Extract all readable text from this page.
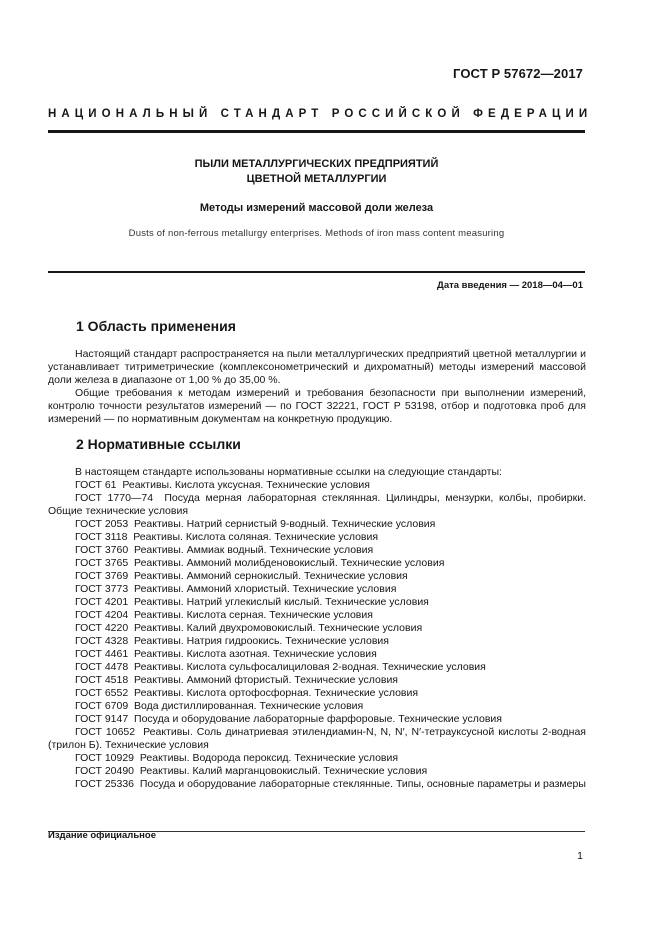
ГОСТ Р 57672—2017
НАЦИОНАЛЬНЫЙ СТАНДАРТ РОССИЙСКОЙ ФЕДЕРАЦИИ
ПЫЛИ МЕТАЛЛУРГИЧЕСКИХ ПРЕДПРИЯТИЙ
ЦВЕТНОЙ МЕТАЛЛУРГИИ
Методы измерений массовой доли железа
Dusts of non-ferrous metallurgy enterprises. Methods of iron mass content measuring
Дата введения — 2018—04—01
1 Область применения
Настоящий стандарт распространяется на пыли металлургических предприятий цветной металлургии и устанавливает титриметрические (комплексонометрический и дихроматный) методы измерений массовой доли железа в диапазоне от 1,00 % до 35,00 %.
Общие требования к методам измерений и требования безопасности при выполнении измерений, контролю точности результатов измерений — по ГОСТ 32221, ГОСТ Р 53198, отбор и подготовка проб для измерений — по нормативным документам на конкретную продукцию.
2 Нормативные ссылки
В настоящем стандарте использованы нормативные ссылки на следующие стандарты:
ГОСТ 61 Реактивы. Кислота уксусная. Технические условия
ГОСТ 1770—74 Посуда мерная лабораторная стеклянная. Цилиндры, мензурки, колбы, пробирки. Общие технические условия
ГОСТ 2053 Реактивы. Натрий сернистый 9-водный. Технические условия
ГОСТ 3118 Реактивы. Кислота соляная. Технические условия
ГОСТ 3760 Реактивы. Аммиак водный. Технические условия
ГОСТ 3765 Реактивы. Аммоний молибденовокислый. Технические условия
ГОСТ 3769 Реактивы. Аммоний сернокислый. Технические условия
ГОСТ 3773 Реактивы. Аммоний хлористый. Технические условия
ГОСТ 4201 Реактивы. Натрий углекислый кислый. Технические условия
ГОСТ 4204 Реактивы. Кислота серная. Технические условия
ГОСТ 4220 Реактивы. Калий двухромовокислый. Технические условия
ГОСТ 4328 Реактивы. Натрия гидроокись. Технические условия
ГОСТ 4461 Реактивы. Кислота азотная. Технические условия
ГОСТ 4478 Реактивы. Кислота сульфосалициловая 2-водная. Технические условия
ГОСТ 4518 Реактивы. Аммоний фтористый. Технические условия
ГОСТ 6552 Реактивы. Кислота ортофосфорная. Технические условия
ГОСТ 6709 Вода дистиллированная. Технические условия
ГОСТ 9147 Посуда и оборудование лабораторные фарфоровые. Технические условия
ГОСТ 10652 Реактивы. Соль динатриевая этилендиамин-N, N, N′, N′-тетрауксусной кислоты 2-водная (трилон Б). Технические условия
ГОСТ 10929 Реактивы. Водорода пероксид. Технические условия
ГОСТ 20490 Реактивы. Калий марганцовокислый. Технические условия
ГОСТ 25336 Посуда и оборудование лабораторные стеклянные. Типы, основные параметры и размеры
Издание официальное
1
